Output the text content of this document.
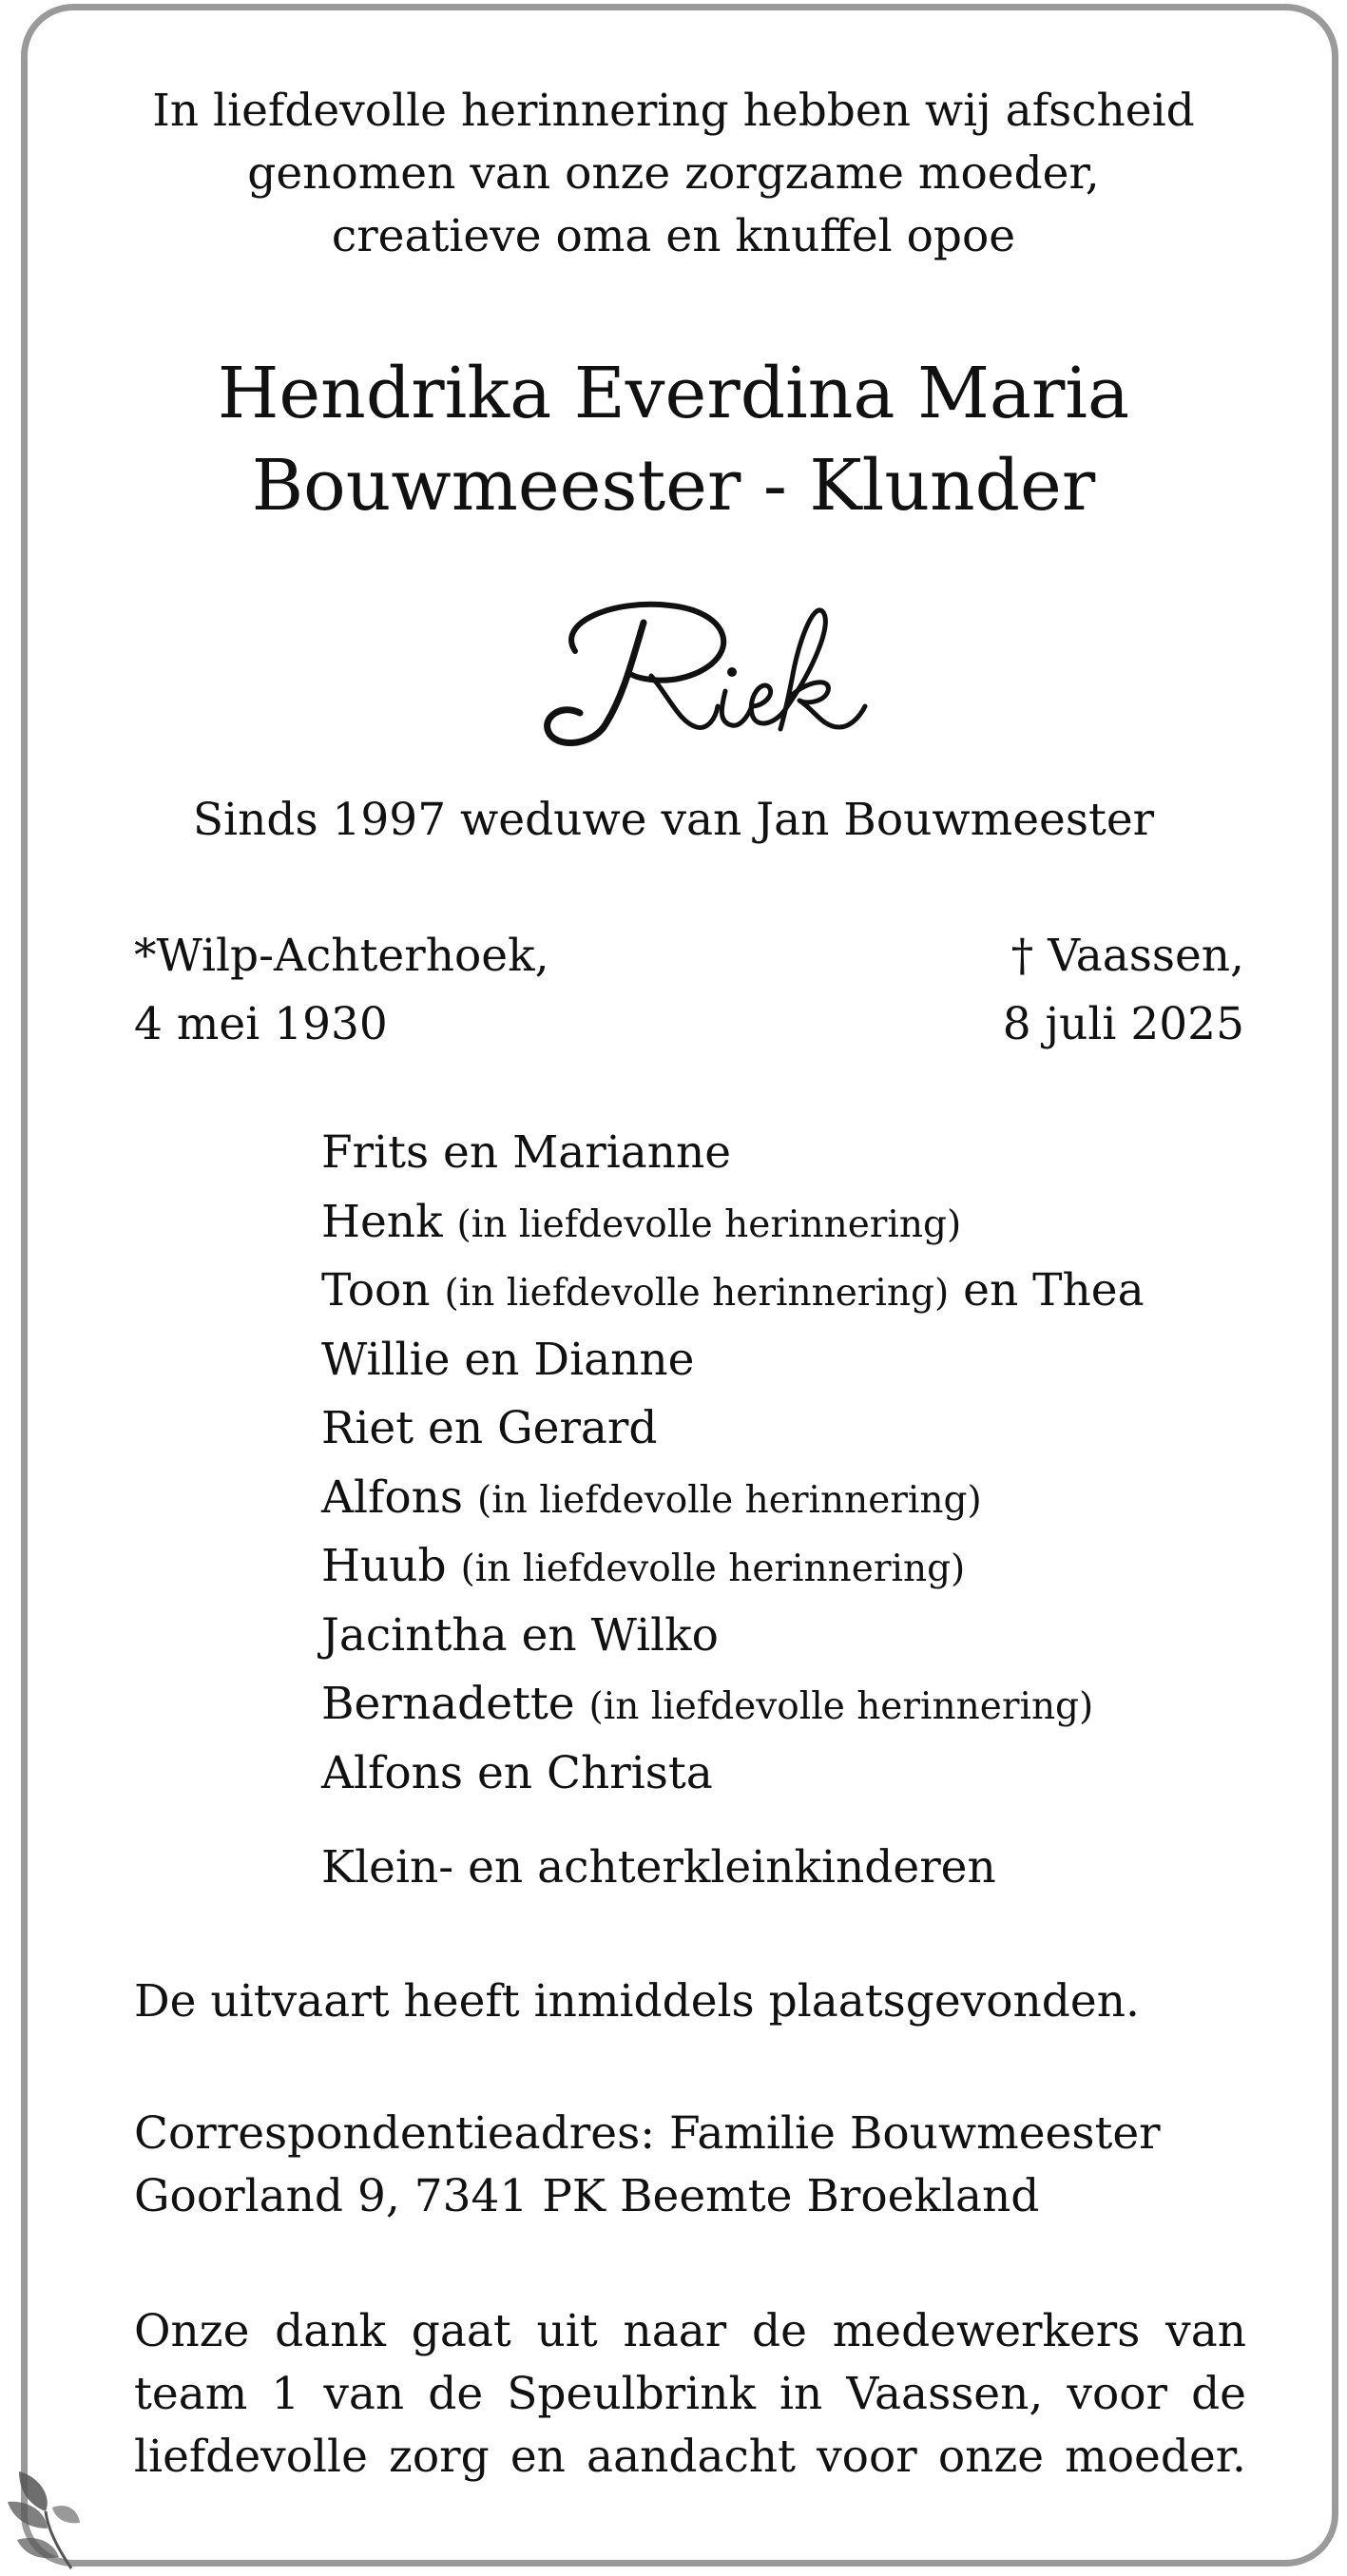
In liefdevolle herinnering hebben wij afscheid
genomen van onze zorgzame moeder,
creatieve oma en knuffel opoe
Hendrika Everdina Maria
Bouwmeester - Klunder
Sinds 1997 weduwe van Jan Bouwmeester
*Wilp-Achterhoek,
4 mei 1930
† Vaassen,
8 juli 2025
Frits en Marianne
Henk (in liefdevolle herinnering)
Toon (in liefdevolle herinnering) en Thea
Willie en Dianne
Riet en Gerard
Alfons (in liefdevolle herinnering)
Huub (in liefdevolle herinnering)
Jacintha en Wilko
Bernadette (in liefdevolle herinnering)
Alfons en Christa
Klein- en achterkleinkinderen
De uitvaart heeft inmiddels plaatsgevonden.
Correspondentieadres: Familie Bouwmeester
Goorland 9, 7341 PK Beemte Broekland
Onze dank gaat uit naar de medewerkers van
team 1 van de Speulbrink in Vaassen, voor de
liefdevolle zorg en aandacht voor onze moeder.
